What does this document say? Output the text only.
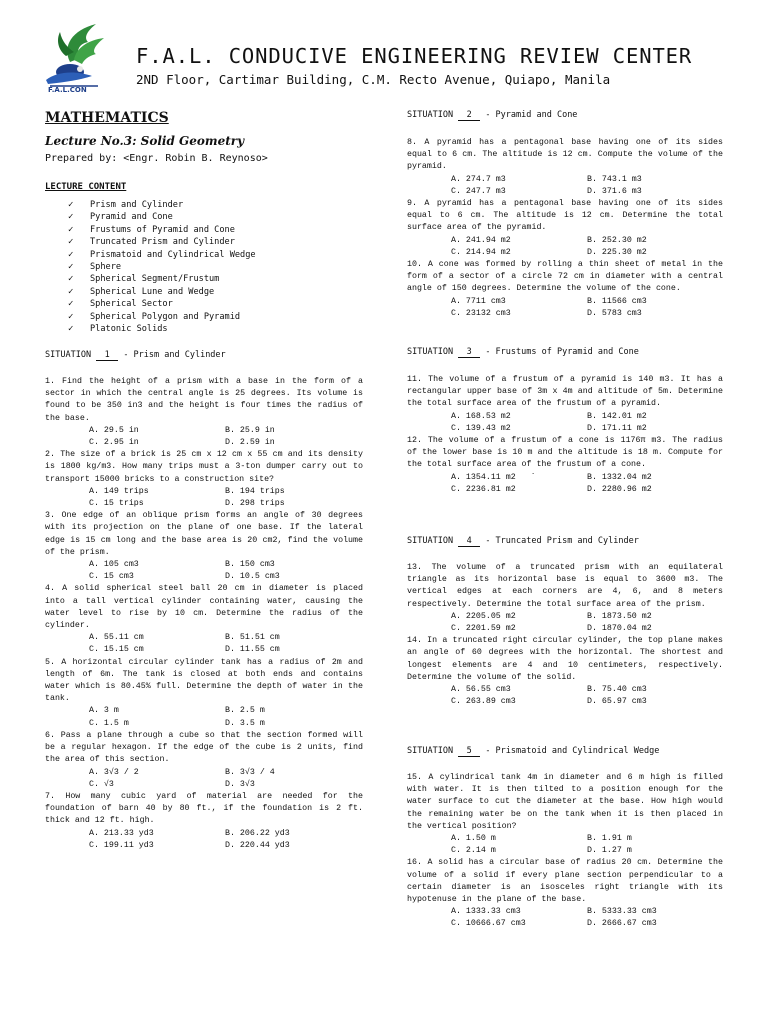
F.A.L.CON
F.A.L. CONDUCIVE ENGINEERING REVIEW CENTER
2ND Floor, Cartimar Building, C.M. Recto Avenue, Quiapo, Manila
MATHEMATICS
Lecture No.3: Solid Geometry
Prepared by: <Engr. Robin B. Reynoso>
LECTURE CONTENT
✓ Prism and Cylinder
✓ Pyramid and Cone
✓ Frustums of Pyramid and Cone
✓ Truncated Prism and Cylinder
✓ Prismatoid and Cylindrical Wedge
✓ Sphere
✓ Spherical Segment/Frustum
✓ Spherical Lune and Wedge
✓ Spherical Sector
✓ Spherical Polygon and Pyramid
✓ Platonic Solids
SITUATION 1 - Prism and Cylinder
SITUATION 2 - Pyramid and Cone
SITUATION 3 - Frustums of Pyramid and Cone
SITUATION 4 - Truncated Prism and Cylinder
SITUATION 5 - Prismatoid and Cylindrical Wedge
1. Find the height of a prism with a base in the form of a sector in which the central angle is 25 degrees. Its volume is found to be 350 in3 and the height is four times the radius of the base.
A. 29.5 in	B. 25.9 in
C. 2.95 in	D. 2.59 in
2. The size of a brick is 25 cm x 12 cm x 55 cm and its density is 1800 kg/m3. How many trips must a 3-ton dumper carry out to transport 15000 bricks to a construction site?
A. 149 trips	B. 194 trips
C. 15 trips	D. 298 trips
3. One edge of an oblique prism forms an angle of 30 degrees with its projection on the plane of one base. If the lateral edge is 15 cm long and the base area is 20 cm2, find the volume of the prism.
A. 105 cm3	B. 150 cm3
C. 15 cm3	D. 10.5 cm3
4. A solid spherical steel ball 20 cm in diameter is placed into a tall vertical cylinder containing water, causing the water level to rise by 10 cm. Determine the radius of the cylinder.
A. 55.11 cm	B. 51.51 cm
C. 15.15 cm	D. 11.55 cm
5. A horizontal circular cylinder tank has a radius of 2m and length of 6m. The tank is closed at both ends and contains water which is 80.45% full. Determine the depth of water in the tank.
A. 3 m	B. 2.5 m
C. 1.5 m	D. 3.5 m
6. Pass a plane through a cube so that the section formed will be a regular hexagon. If the edge of the cube is 2 units, find the area of this section.
A. 3√3 / 2	B. 3√3 / 4
C. √3	D. 3√3
7. How many cubic yard of material are needed for the foundation of barn 40 by 80 ft., if the foundation is 2 ft. thick and 12 ft. high.
A. 213.33 yd3	B. 206.22 yd3
C. 199.11 yd3	D. 220.44 yd3
8. A pyramid has a pentagonal base having one of its sides equal to 6 cm. The altitude is 12 cm. Compute the volume of the pyramid.
A. 274.7 m3	B. 743.1 m3
C. 247.7 m3	D. 371.6 m3
9. A pyramid has a pentagonal base having one of its sides equal to 6 cm. The altitude is 12 cm. Determine the total surface area of the pyramid.
A. 241.94 m2	B. 252.30 m2
C. 214.94 m2	D. 225.30 m2
10. A cone was formed by rolling a thin sheet of metal in the form of a sector of a circle 72 cm in diameter with a central angle of 150 degrees. Determine the volume of the cone.
A. 7711 cm3	B. 11566 cm3
C. 23132 cm3	D. 5783 cm3
11. The volume of a frustum of a pyramid is 140 m3. It has a rectangular upper base of 3m x 4m and altitude of 5m. Determine the total surface area of the frustum of a pyramid.
A. 168.53 m2	B. 142.01 m2
C. 139.43 m2	D. 171.11 m2
12. The volume of a frustum of a cone is 1176π m3. The radius of the lower base is 10 m and the altitude is 18 m. Compute for the total surface area of the frustum of a cone.
A. 1354.11 m2   `	B. 1332.04 m2
C. 2236.81 m2	D. 2280.96 m2
13. The volume of a truncated prism with an equilateral triangle as its horizontal base is equal to 3600 m3. The vertical edges at each corners are 4, 6, and 8 meters respectively. Determine the total surface area of the prism.
A. 2205.05 m2	B. 1873.50 m2
C. 2201.59 m2	D. 1870.04 m2
14. In a truncated right circular cylinder, the top plane makes an angle of 60 degrees with the horizontal. The shortest and longest elements are 4 and 10 centimeters, respectively. Determine the volume of the solid.
A. 56.55 cm3	B. 75.40 cm3
C. 263.89 cm3	D. 65.97 cm3
15. A cylindrical tank 4m in diameter and 6 m high is filled with water. It is then tilted to a position enough for the water surface to cut the diameter at the base. How high would the remaining water be on the tank when it is then placed in the vertical position?
A. 1.50 m	B. 1.91 m
C. 2.14 m	D. 1.27 m
16. A solid has a circular base of radius 20 cm. Determine the volume of a solid if every plane section perpendicular to a certain diameter is an isosceles right triangle with its hypotenuse in the plane of the base.
A. 1333.33 cm3	B. 5333.33 cm3
C. 10666.67 cm3	D. 2666.67 cm3
